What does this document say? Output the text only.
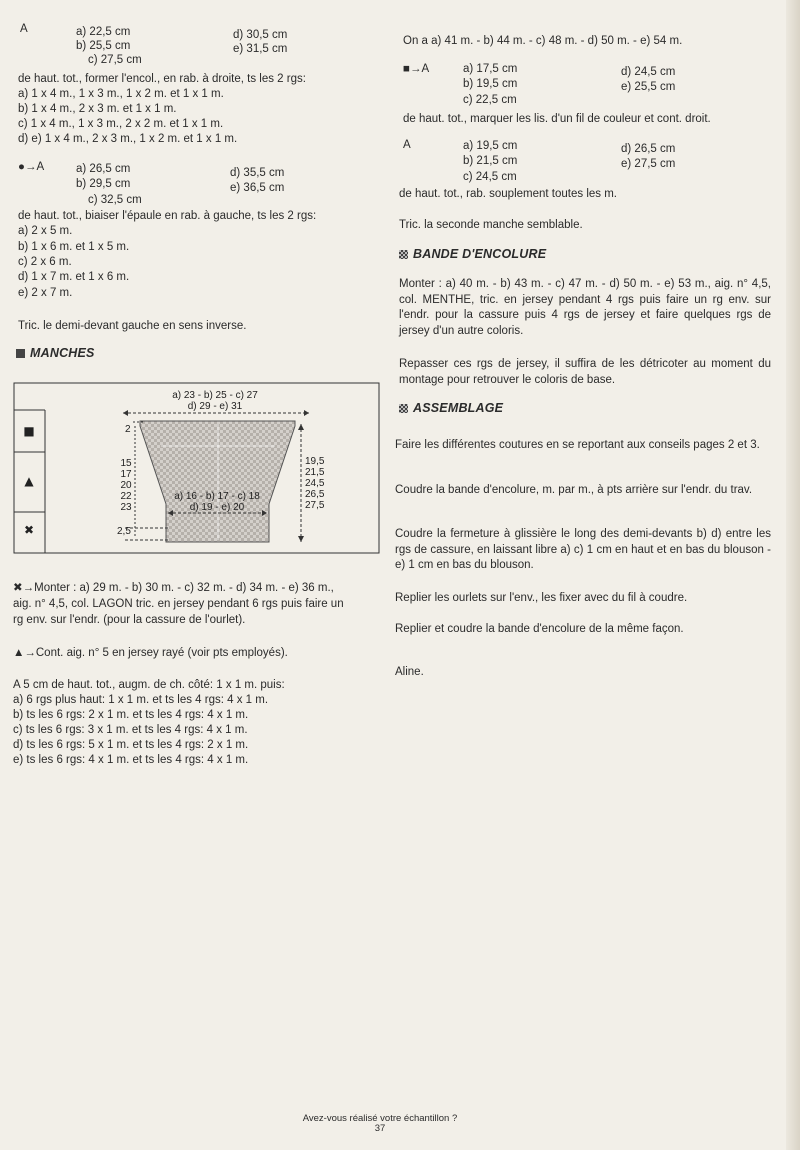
A	a) 22,5 cm
b) 25,5 cm
c) 27,5 cm
d) 30,5 cm
e) 31,5 cm
de haut. tot., former l'encol., en rab. à droite, ts les 2 rgs:
a) 1 x 4 m., 1 x 3 m., 1 x 2 m. et 1 x 1 m.
b) 1 x 4 m., 2 x 3 m. et 1 x 1 m.
c) 1 x 4 m., 1 x 3 m., 2 x 2 m. et 1 x 1 m.
d) e) 1 x 4 m., 2 x 3 m., 1 x 2 m. et 1 x 1 m.
●→A	a) 26,5 cm
b) 29,5 cm
c) 32,5 cm
d) 35,5 cm
e) 36,5 cm
de haut. tot., biaiser l'épaule en rab. à gauche, ts les 2 rgs:
a) 2 x 5 m.
b) 1 x 6 m. et 1 x 5 m.
c) 2 x 6 m.
d) 1 x 7 m. et 1 x 6 m.
e) 2 x 7 m.
Tric. le demi-devant gauche en sens inverse.
MANCHES
■
▲
✖
a) 23 - b) 25 - c) 27
d) 29 - e) 31
2
15
17
20
22
23
19,5
21,5
24,5
26,5
27,5
a) 16 - b) 17 - c) 18
d) 19 - e) 20
2,5
✖→Monter : a) 29 m. - b) 30 m. - c) 32 m. - d) 34 m. - e) 36 m.,
aig. n° 4,5, col. LAGON tric. en jersey pendant 6 rgs puis faire un
rg env. sur l'endr. (pour la cassure de l'ourlet).
▲→Cont. aig. n° 5 en jersey rayé (voir pts employés).
A 5 cm de haut. tot., augm. de ch. côté: 1 x 1 m. puis:
a) 6 rgs plus haut: 1 x 1 m. et ts les 4 rgs: 4 x 1 m.
b) ts les 6 rgs: 2 x 1 m. et ts les 4 rgs: 4 x 1 m.
c) ts les 6 rgs: 3 x 1 m. et ts les 4 rgs: 4 x 1 m.
d) ts les 6 rgs: 5 x 1 m. et ts les 4 rgs: 2 x 1 m.
e) ts les 6 rgs: 4 x 1 m. et ts les 4 rgs: 4 x 1 m.
On a a) 41 m. - b) 44 m. - c) 48 m. - d) 50 m. - e) 54 m.
■→A	a) 17,5 cm
b) 19,5 cm
c) 22,5 cm
d) 24,5 cm
e) 25,5 cm
de haut. tot., marquer les lis. d'un fil de couleur et cont. droit.
A	a) 19,5 cm
b) 21,5 cm
c) 24,5 cm
d) 26,5 cm
e) 27,5 cm
de haut. tot., rab. souplement toutes les m.
Tric. la seconde manche semblable.
BANDE D'ENCOLURE
Monter : a) 40 m. - b) 43 m. - c) 47 m. - d) 50 m. - e) 53 m., aig. n° 4,5, col. MENTHE, tric. en jersey pendant 4 rgs puis faire un rg env. sur l'endr. pour la cassure puis 4 rgs de jersey et faire quelques rgs de jersey d'un autre coloris.
Repasser ces rgs de jersey, il suffira de les détricoter au moment du montage pour retrouver le coloris de base.
ASSEMBLAGE
Faire les différentes coutures en se reportant aux conseils pages 2 et 3.
Coudre la bande d'encolure, m. par m., à pts arrière sur l'endr. du trav.
Coudre la fermeture à glissière le long des demi-devants b) d) entre les rgs de cassure, en laissant libre a) c) 1 cm en haut et en bas du blouson - e) 1 cm en bas du blouson.
Replier les ourlets sur l'env., les fixer avec du fil à coudre.
Replier et coudre la bande d'encolure de la même façon.
Aline.
Avez-vous réalisé votre échantillon ?
37
